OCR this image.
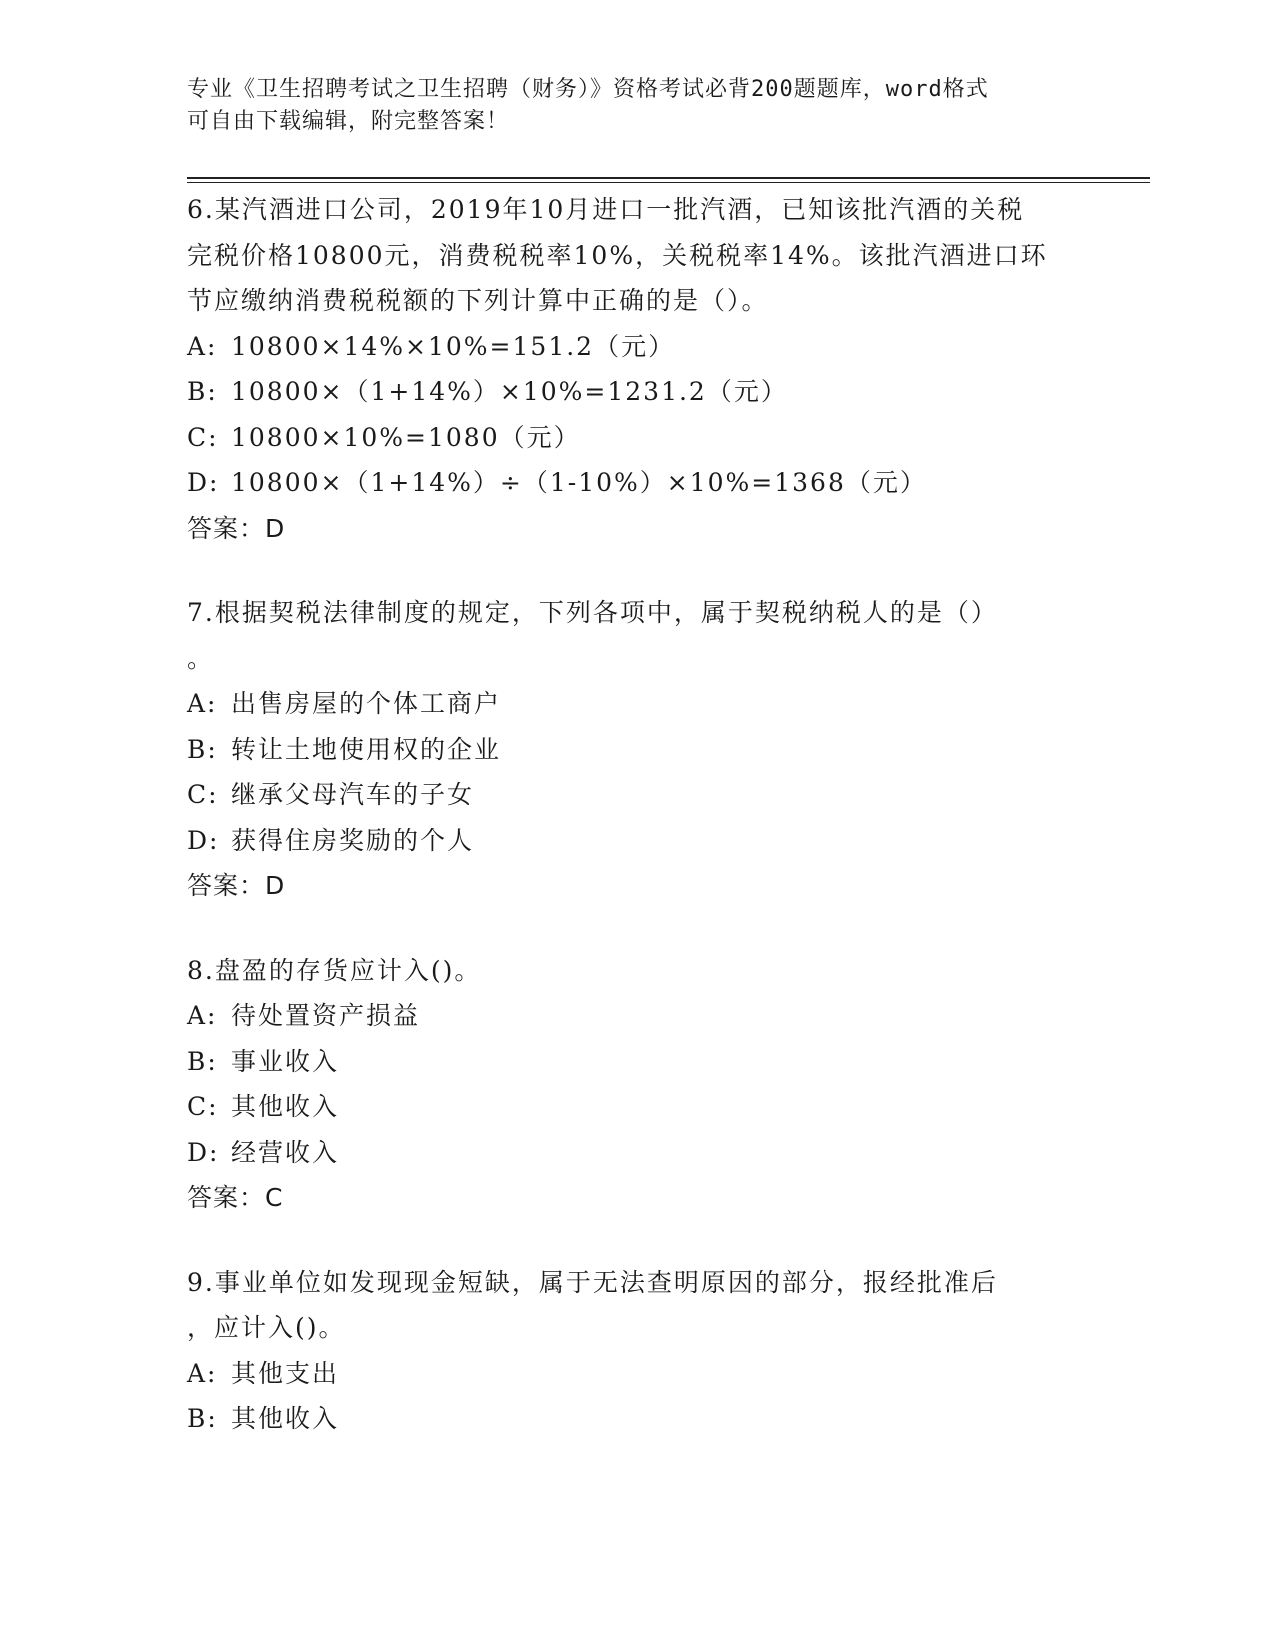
专业《卫生招聘考试之卫生招聘（财务）》资格考试必背200题题库，word格式
可自由下载编辑，附完整答案！
6.某汽酒进口公司，2019年10月进口一批汽酒，已知该批汽酒的关税
完税价格10800元，消费税税率10%，关税税率14%。该批汽酒进口环
节应缴纳消费税税额的下列计算中正确的是（）。
A: 10800×14%×10%=151.2（元）
B: 10800×（1+14%）×10%=1231.2（元）
C: 10800×10%=1080（元）
D: 10800×（1+14%）÷（1-10%）×10%=1368（元）
答案：D
7.根据契税法律制度的规定，下列各项中，属于契税纳税人的是（）
。
A: 出售房屋的个体工商户
B: 转让土地使用权的企业
C: 继承父母汽车的子女
D: 获得住房奖励的个人
答案：D
8.盘盈的存货应计入()。
A: 待处置资产损益
B: 事业收入
C: 其他收入
D: 经营收入
答案：C
9.事业单位如发现现金短缺，属于无法查明原因的部分，报经批准后
，应计入()。
A: 其他支出
B: 其他收入
